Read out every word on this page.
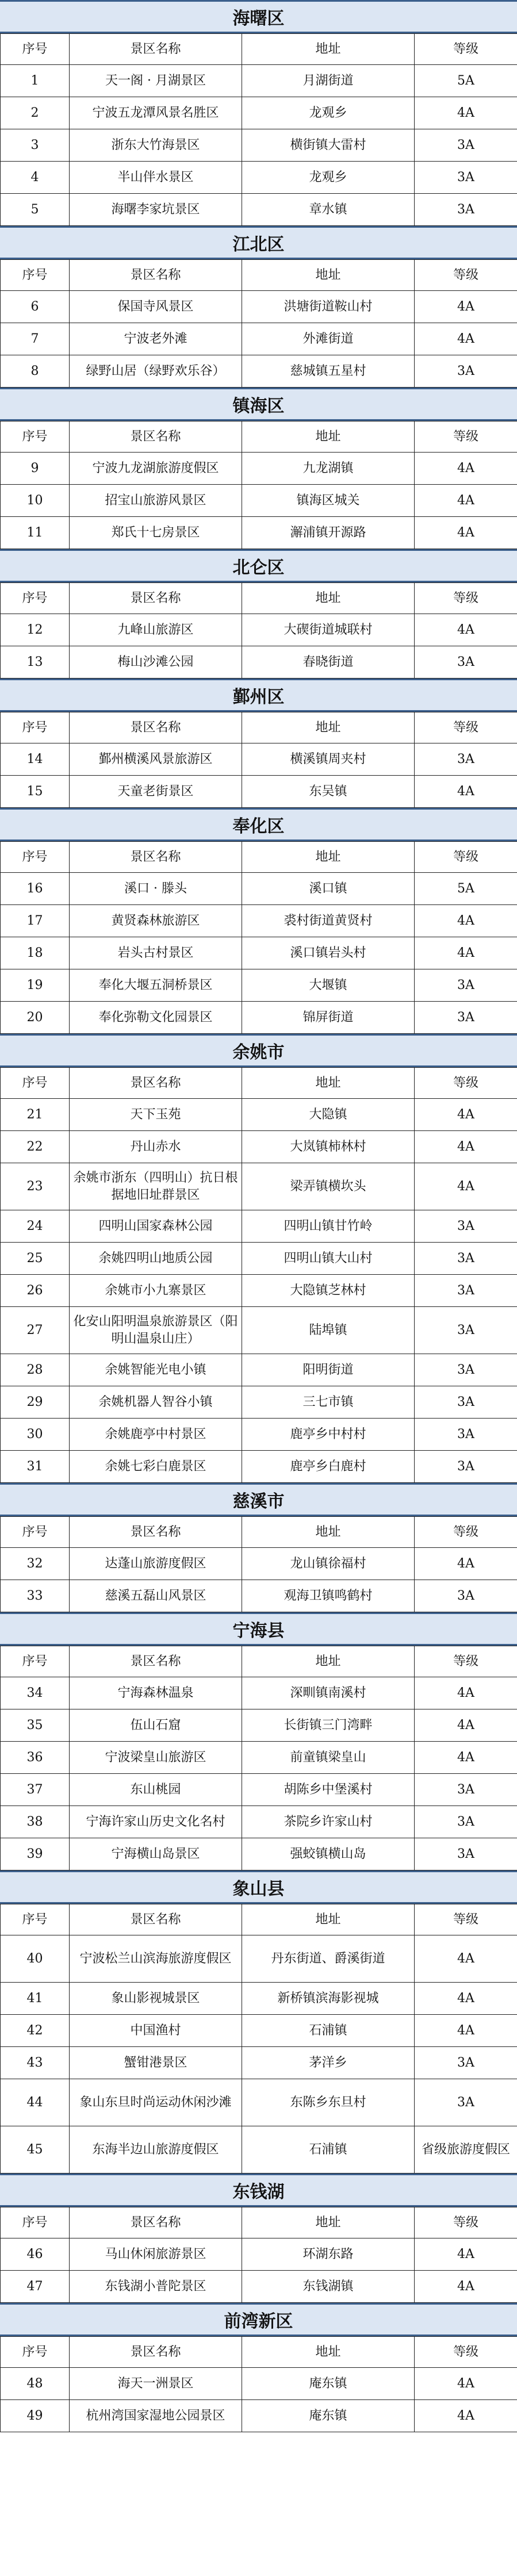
海曙区
序号	景区名称	地址	等级
1	天一阁 · 月湖景区	月湖街道	5A
2	宁波五龙潭风景名胜区	龙观乡	4A
3	浙东大竹海景区	横街镇大雷村	3A
4	半山伴水景区	龙观乡	3A
5	海曙李家坑景区	章水镇	3A
江北区
序号	景区名称	地址	等级
6	保国寺风景区	洪塘街道鞍山村	4A
7	宁波老外滩	外滩街道	4A
8	绿野山居（绿野欢乐谷）	慈城镇五星村	3A
镇海区
序号	景区名称	地址	等级
9	宁波九龙湖旅游度假区	九龙湖镇	4A
10	招宝山旅游风景区	镇海区城关	4A
11	郑氏十七房景区	澥浦镇开源路	4A
北仑区
序号	景区名称	地址	等级
12	九峰山旅游区	大碶街道城联村	4A
13	梅山沙滩公园	春晓街道	3A
鄞州区
序号	景区名称	地址	等级
14	鄞州横溪风景旅游区	横溪镇周夹村	3A
15	天童老街景区	东吴镇	4A
奉化区
序号	景区名称	地址	等级
16	溪口 · 滕头	溪口镇	5A
17	黄贤森林旅游区	裘村街道黄贤村	4A
18	岩头古村景区	溪口镇岩头村	4A
19	奉化大堰五洞桥景区	大堰镇	3A
20	奉化弥勒文化园景区	锦屏街道	3A
余姚市
序号	景区名称	地址	等级
21	天下玉苑	大隐镇	4A
22	丹山赤水	大岚镇柿林村	4A
23	余姚市浙东（四明山）抗日根据地旧址群景区	梁弄镇横坎头	4A
24	四明山国家森林公园	四明山镇甘竹岭	3A
25	余姚四明山地质公园	四明山镇大山村	3A
26	余姚市小九寨景区	大隐镇芝林村	3A
27	化安山阳明温泉旅游景区（阳明山温泉山庄）	陆埠镇	3A
28	余姚智能光电小镇	阳明街道	3A
29	余姚机器人智谷小镇	三七市镇	3A
30	余姚鹿亭中村景区	鹿亭乡中村村	3A
31	余姚七彩白鹿景区	鹿亭乡白鹿村	3A
慈溪市
序号	景区名称	地址	等级
32	达蓬山旅游度假区	龙山镇徐福村	4A
33	慈溪五磊山风景区	观海卫镇鸣鹤村	3A
宁海县
序号	景区名称	地址	等级
34	宁海森林温泉	深甽镇南溪村	4A
35	伍山石窟	长街镇三门湾畔	4A
36	宁波梁皇山旅游区	前童镇梁皇山	4A
37	东山桃园	胡陈乡中堡溪村	3A
38	宁海许家山历史文化名村	茶院乡许家山村	3A
39	宁海横山岛景区	强蛟镇横山岛	3A
象山县
序号	景区名称	地址	等级
40	宁波松兰山滨海旅游度假区	丹东街道、爵溪街道	4A
41	象山影视城景区	新桥镇滨海影视城	4A
42	中国渔村	石浦镇	4A
43	蟹钳港景区	茅洋乡	3A
44	象山东旦时尚运动休闲沙滩	东陈乡东旦村	3A
45	东海半边山旅游度假区	石浦镇	省级旅游度假区
东钱湖
序号	景区名称	地址	等级
46	马山休闲旅游景区	环湖东路	4A
47	东钱湖小普陀景区	东钱湖镇	4A
前湾新区
序号	景区名称	地址	等级
48	海天一洲景区	庵东镇	4A
49	杭州湾国家湿地公园景区	庵东镇	4A
